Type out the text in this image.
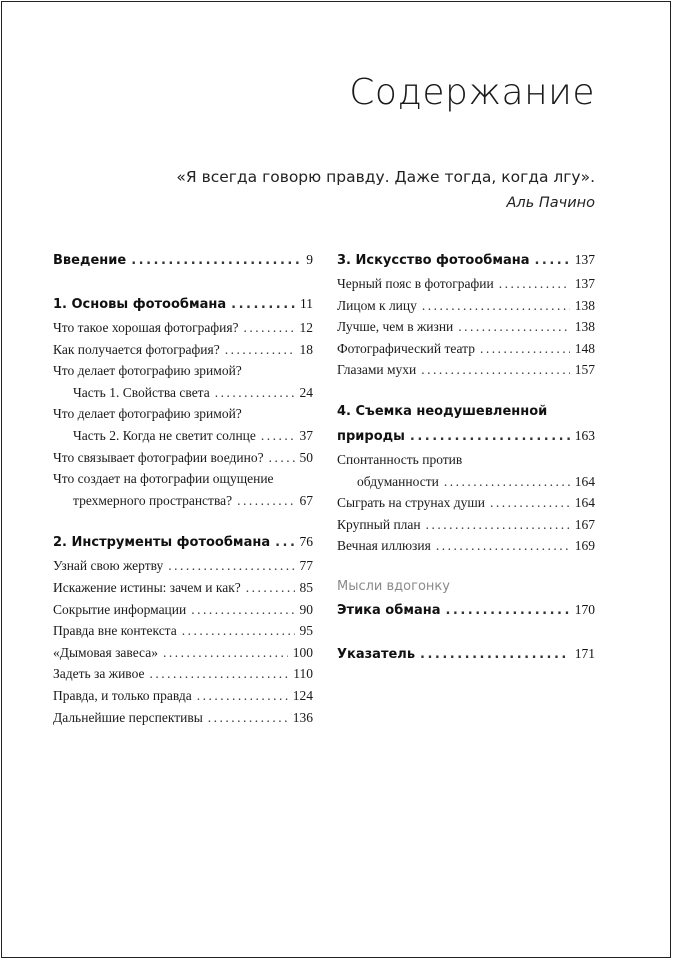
Содержание
«Я всегда говорю правду. Даже тогда, когда лгу».
Аль Пачино
Введение .....	9
1. Основы фотообмана .....	11
Что такое хорошая фотография? .....	12
Как получается фотография? .....	18
Что делает фотографию зримой?
Часть 1. Свойства света .....	24
Что делает фотографию зримой?
Часть 2. Когда не светит солнце .....	37
Что связывает фотографии воедино? .....	50
Что создает на фотографии ощущение
трехмерного пространства? .....	67
2. Инструменты фотообмана ..... 76
Узнай свою жертву .....	77
Искажение истины: зачем и как? .....	85
Сокрытие информации .....	90
Правда вне контекста .....	95
«Дымовая завеса» .....	100
Задеть за живое .....	110
Правда, и только правда .....	124
Дальнейшие перспективы .....	136
3. Искусство фотообмана .....	137
Черный пояс в фотографии .....	137
Лицом к лицу .....	138
Лучше, чем в жизни .....	138
Фотографический театр .....	148
Глазами мухи .....	157
4. Съемка неодушевленной
природы .....	163
Спонтанность против
обдуманности .....	164
Сыграть на струнах души .....	164
Крупный план .....	167
Вечная иллюзия .....	169
Мысли вдогонку
Этика обмана .....	170
Указатель .....	171
